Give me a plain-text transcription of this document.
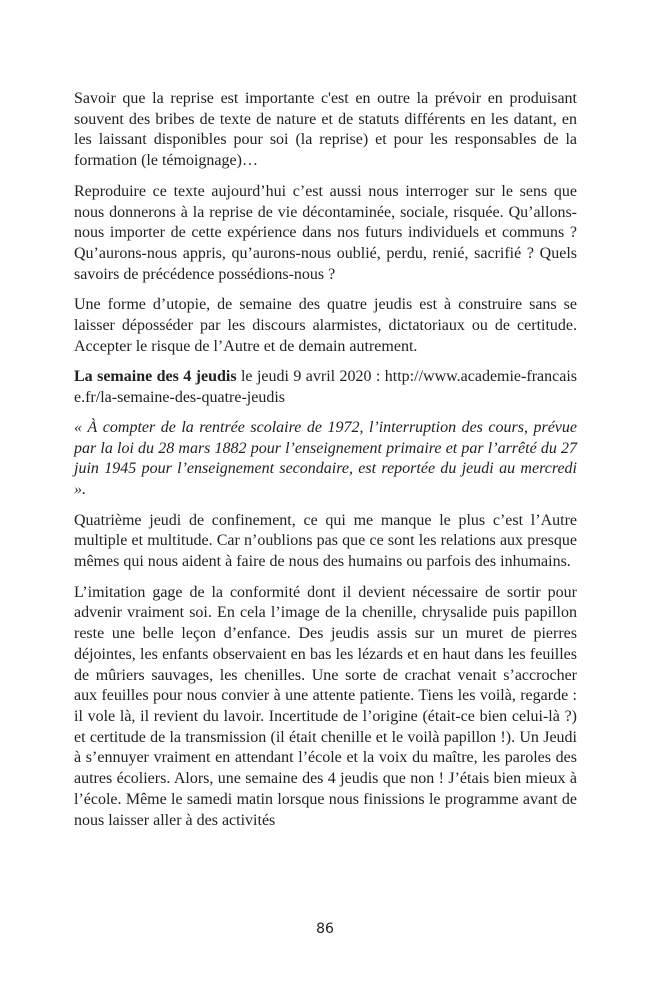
Savoir que la reprise est importante c'est en outre la prévoir en produisant souvent des bribes de texte de nature et de statuts différents en les datant, en les laissant disponibles pour soi (la reprise) et pour les responsables de la formation (le témoignage)…

Reproduire ce texte aujourd’hui c’est aussi nous interroger sur le sens que nous donnerons à la reprise de vie décontaminée, sociale, risquée. Qu’allons-nous importer de cette expérience dans nos futurs individuels et communs ? Qu’aurons-nous appris, qu’aurons-nous oublié, perdu, renié, sacrifié ? Quels savoirs de précédence possédions-nous ?

Une forme d’utopie, de semaine des quatre jeudis est à construire sans se laisser déposséder par les discours alarmistes, dictatoriaux ou de certitude. Accepter le risque de l’Autre et de demain autrement.

La semaine des 4 jeudis le jeudi 9 avril 2020 : http://www.academie-francaise.fr/la-semaine-des-quatre-jeudis

« À compter de la rentrée scolaire de 1972, l’interruption des cours, prévue par la loi du 28 mars 1882 pour l’enseignement primaire et par l’arrêté du 27 juin 1945 pour l’enseignement secondaire, est reportée du jeudi au mercredi ».

Quatrième jeudi de confinement, ce qui me manque le plus c’est l’Autre multiple et multitude. Car n’oublions pas que ce sont les relations aux presque mêmes qui nous aident à faire de nous des humains ou parfois des inhumains.

L’imitation gage de la conformité dont il devient nécessaire de sortir pour advenir vraiment soi. En cela l’image de la chenille, chrysalide puis papillon reste une belle leçon d’enfance. Des jeudis assis sur un muret de pierres déjointes, les enfants observaient en bas les lézards et en haut dans les feuilles de mûriers sauvages, les chenilles. Une sorte de crachat venait s’accrocher aux feuilles pour nous convier à une attente patiente. Tiens les voilà, regarde : il vole là, il revient du lavoir. Incertitude de l’origine (était-ce bien celui-là ?) et certitude de la transmission (il était chenille et le voilà papillon !). Un Jeudi à s’ennuyer vraiment en attendant l’école et la voix du maître, les paroles des autres écoliers. Alors, une semaine des 4 jeudis que non ! J’étais bien mieux à l’école. Même le samedi matin lorsque nous finissions le programme avant de nous laisser aller à des activités

86
